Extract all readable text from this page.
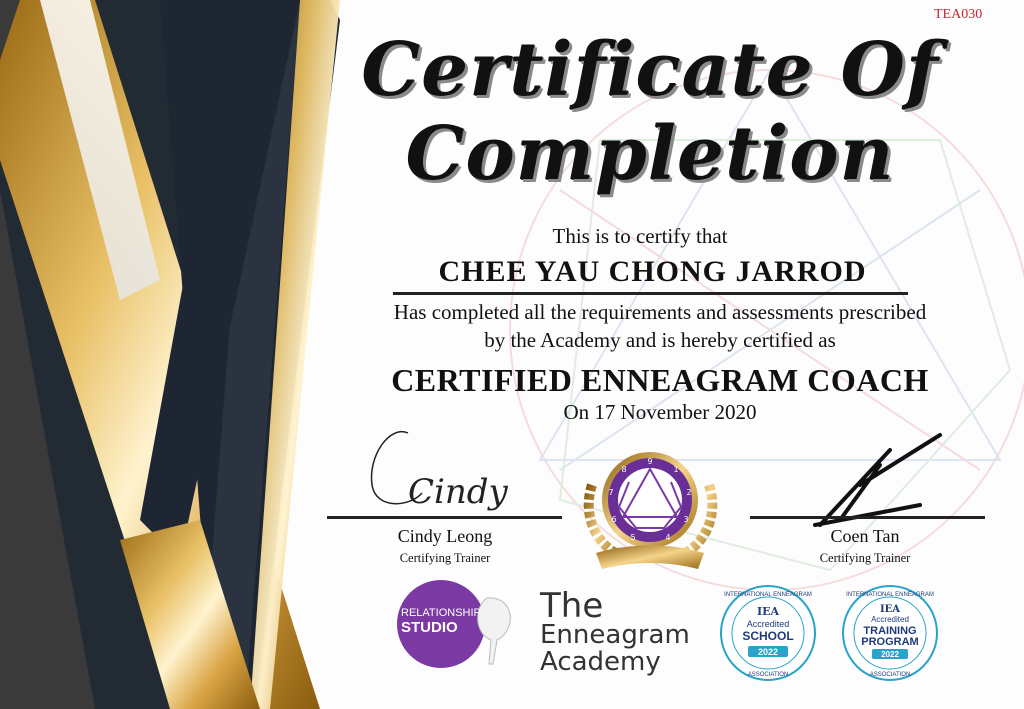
TEA030
Certificate Of
Completion
This is to certify that
CHEE YAU CHONG JARROD
Has completed all the requirements and assessments prescribed
by the Academy and is hereby certified as
CERTIFIED ENNEAGRAM COACH
On 17 November 2020
Cindy
Cindy Leong
Certifying Trainer
Coen Tan
Certifying Trainer
9
1
2
3
4
5
6
7
8
RELATIONSHIP
STUDIO
The
Enneagram
Academy
INTERNATIONAL ENNEAGRAM
ASSOCIATION
IEA
Accredited
SCHOOL
2022
INTERNATIONAL ENNEAGRAM
ASSOCIATION
IEA
Accredited
TRAINING
PROGRAM
2022
